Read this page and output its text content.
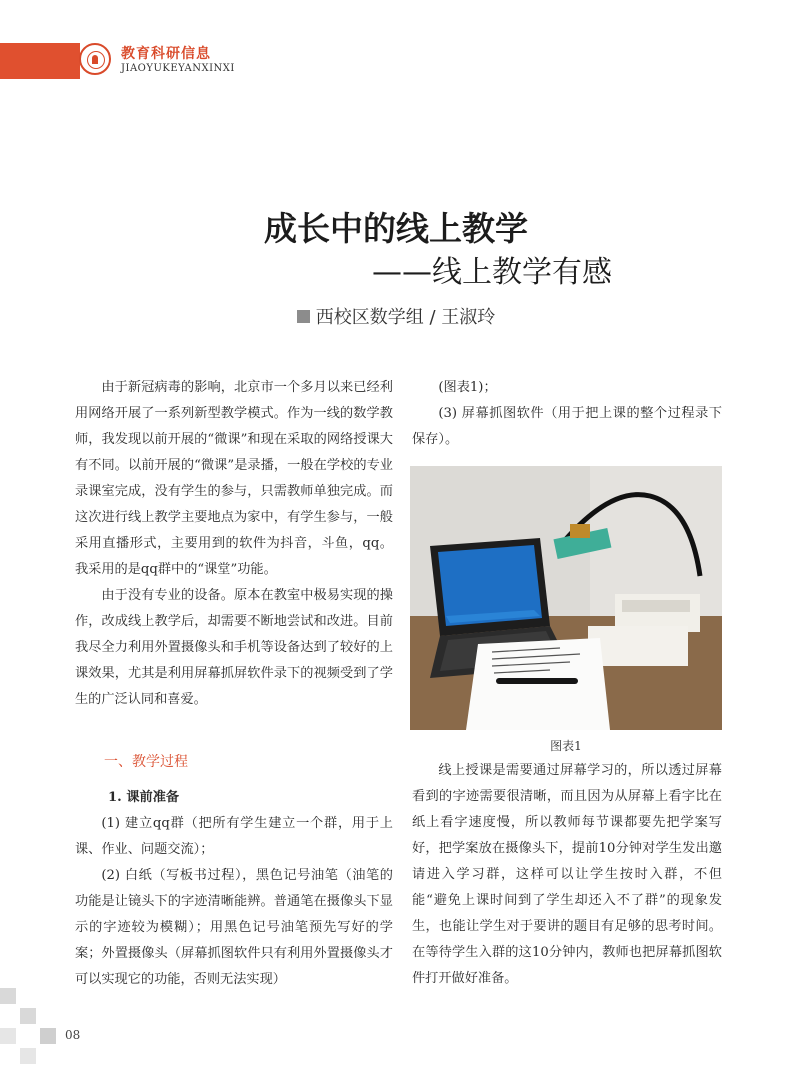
教育科研信息
JIAOYUKEYANXINXI
成长中的线上教学
——线上教学有感
西校区数学组 / 王淑玲

由于新冠病毒的影响，北京市一个多月以来已经利用网络开展了一系列新型教学模式。作为一线的数学教师，我发现以前开展的“微课”和现在采取的网络授课大有不同。以前开展的“微课”是录播，一般在学校的专业录课室完成，没有学生的参与，只需教师单独完成。而这次进行线上教学主要地点为家中，有学生参与，一般采用直播形式，主要用到的软件为抖音，斗鱼，qq。我采用的是qq群中的“课堂”功能。

由于没有专业的设备。原本在教室中极易实现的操作，改成线上教学后，却需要不断地尝试和改进。目前我尽全力利用外置摄像头和手机等设备达到了较好的上课效果，尤其是利用屏幕抓屏软件录下的视频受到了学生的广泛认同和喜爱。

一、教学过程
1. 课前准备

(1) 建立qq群（把所有学生建立一个群，用于上课、作业、问题交流）；

(2) 白纸（写板书过程），黑色记号油笔（油笔的功能是让镜头下的字迹清晰能辨。普通笔在摄像头下显示的字迹较为模糊）；用黑色记号油笔预先写好的学案；外置摄像头（屏幕抓图软件只有利用外置摄像头才可以实现它的功能，否则无法实现）

(图表1)；

(3) 屏幕抓图软件（用于把上课的整个过程录下保存）。

图表1

线上授课是需要通过屏幕学习的，所以透过屏幕看到的字迹需要很清晰，而且因为从屏幕上看字比在纸上看字速度慢，所以教师每节课都要先把学案写好，把学案放在摄像头下，提前10分钟对学生发出邀请进入学习群，这样可以让学生按时入群，不但能“避免上课时间到了学生却还入不了群”的现象发生，也能让学生对于要讲的题目有足够的思考时间。在等待学生入群的这10分钟内，教师也把屏幕抓图软件打开做好准备。

08
